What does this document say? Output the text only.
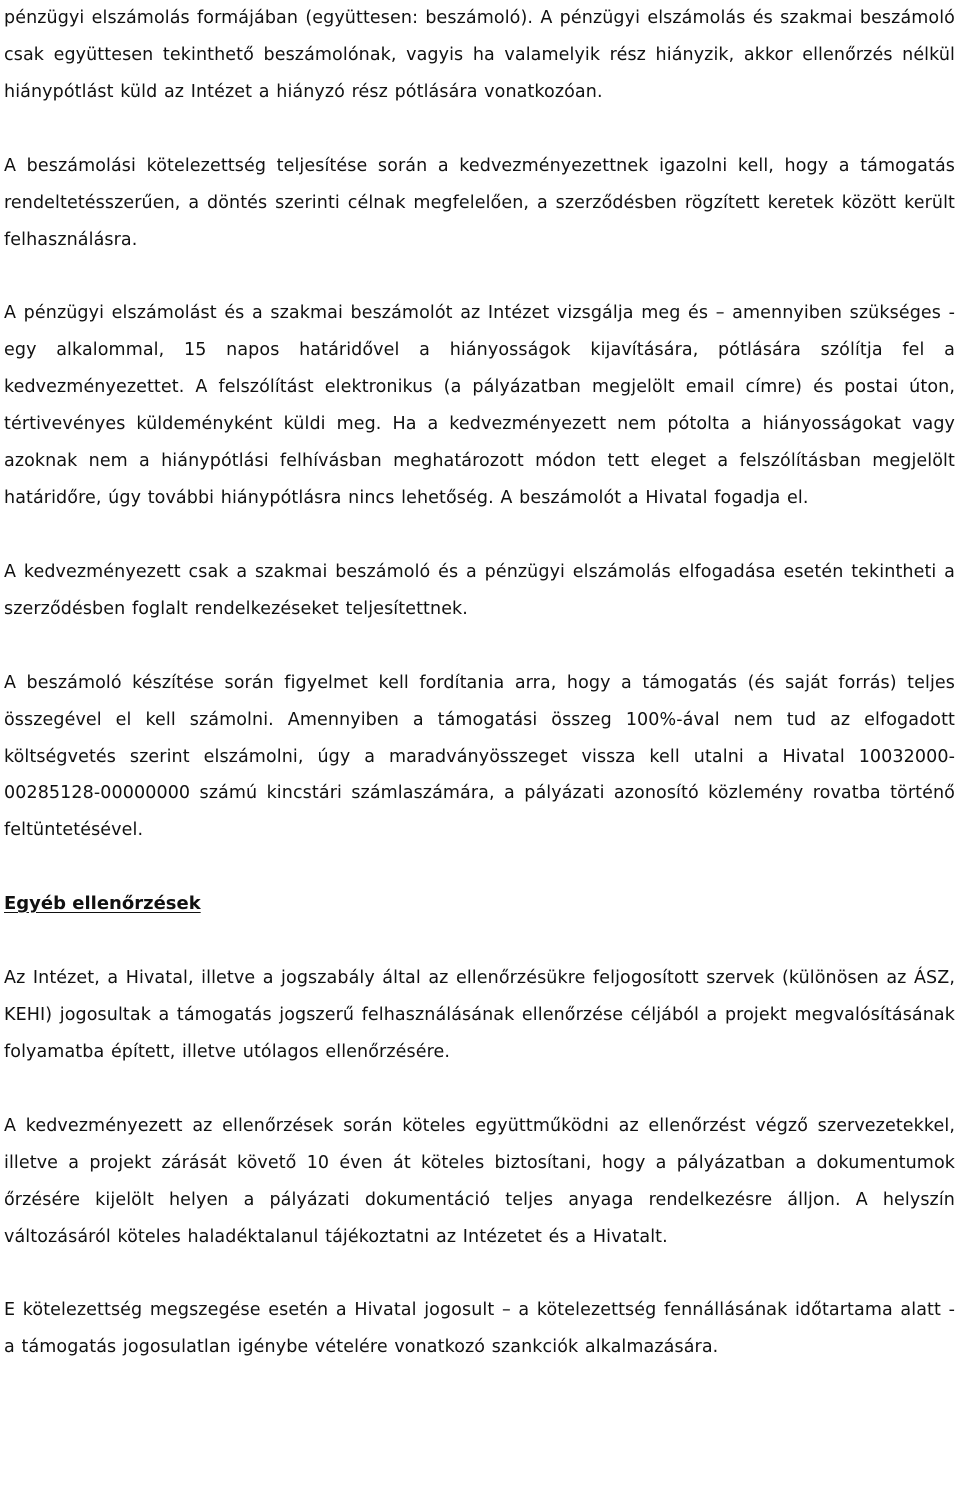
pénzügyi elszámolás formájában (együttesen: beszámoló). A pénzügyi elszámolás és szakmai beszámoló csak együttesen tekinthető beszámolónak, vagyis ha valamelyik rész hiányzik, akkor ellenőrzés nélkül hiánypótlást küld az Intézet a hiányzó rész pótlására vonatkozóan.

A beszámolási kötelezettség teljesítése során a kedvezményezettnek igazolni kell, hogy a támogatás rendeltetésszerűen, a döntés szerinti célnak megfelelően, a szerződésben rögzített keretek között került felhasználásra.

A pénzügyi elszámolást és a szakmai beszámolót az Intézet vizsgálja meg és – amennyiben szükséges - egy alkalommal, 15 napos határidővel a hiányosságok kijavítására, pótlására szólítja fel a kedvezményezettet. A felszólítást elektronikus (a pályázatban megjelölt email címre) és postai úton, tértivevényes küldeményként küldi meg. Ha a kedvezményezett nem pótolta a hiányosságokat vagy azoknak nem a hiánypótlási felhívásban meghatározott módon tett eleget a felszólításban megjelölt határidőre, úgy további hiánypótlásra nincs lehetőség. A beszámolót a Hivatal fogadja el.

A kedvezményezett csak a szakmai beszámoló és a pénzügyi elszámolás elfogadása esetén tekintheti a szerződésben foglalt rendelkezéseket teljesítettnek.

A beszámoló készítése során figyelmet kell fordítania arra, hogy a támogatás (és saját forrás) teljes összegével el kell számolni. Amennyiben a támogatási összeg 100%-ával nem tud az elfogadott költségvetés szerint elszámolni, úgy a maradványösszeget vissza kell utalni a Hivatal 10032000-00285128-00000000 számú kincstári számlaszámára, a pályázati azonosító közlemény rovatba történő feltüntetésével.

Egyéb ellenőrzések

Az Intézet, a Hivatal, illetve a jogszabály által az ellenőrzésükre feljogosított szervek (különösen az ÁSZ, KEHI) jogosultak a támogatás jogszerű felhasználásának ellenőrzése céljából a projekt megvalósításának folyamatba épített, illetve utólagos ellenőrzésére.

A kedvezményezett az ellenőrzések során köteles együttműködni az ellenőrzést végző szervezetekkel, illetve a projekt zárását követő 10 éven át köteles biztosítani, hogy a pályázatban a dokumentumok őrzésére kijelölt helyen a pályázati dokumentáció teljes anyaga rendelkezésre álljon. A helyszín változásáról köteles haladéktalanul tájékoztatni az Intézetet és a Hivatalt.

E kötelezettség megszegése esetén a Hivatal jogosult – a kötelezettség fennállásának időtartama alatt - a támogatás jogosulatlan igénybe vételére vonatkozó szankciók alkalmazására.
